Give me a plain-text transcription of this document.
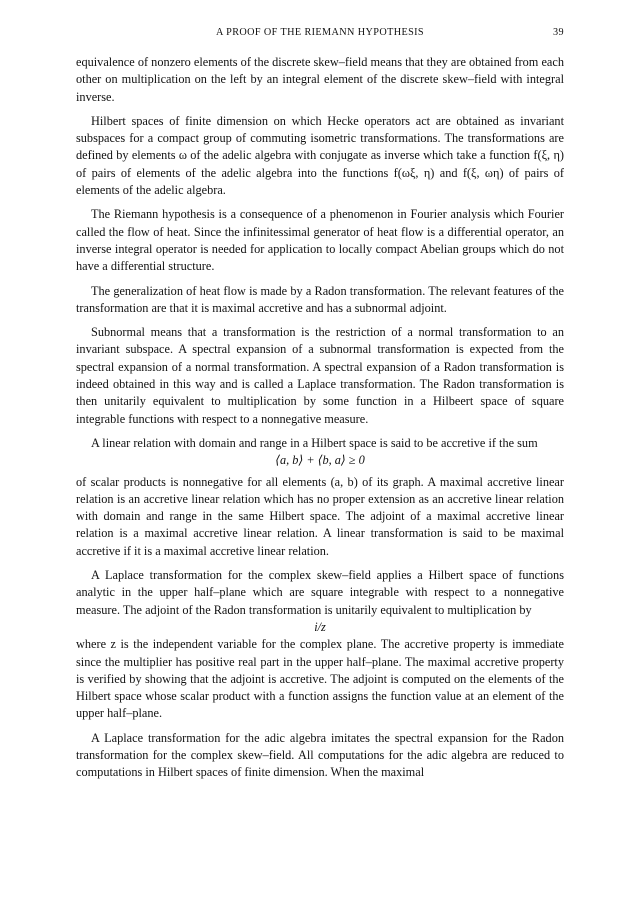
A PROOF OF THE RIEMANN HYPOTHESIS	39

equivalence of nonzero elements of the discrete skew–field means that they are obtained from each other on multiplication on the left by an integral element of the discrete skew–field with integral inverse.

Hilbert spaces of finite dimension on which Hecke operators act are obtained as invariant subspaces for a compact group of commuting isometric transformations. The transformations are defined by elements ω of the adelic algebra with conjugate as inverse which take a function f(ξ, η) of pairs of elements of the adelic algebra into the functions f(ωξ, η) and f(ξ, ωη) of pairs of elements of the adelic algebra.

The Riemann hypothesis is a consequence of a phenomenon in Fourier analysis which Fourier called the flow of heat. Since the infinitessimal generator of heat flow is a differential operator, an inverse integral operator is needed for application to locally compact Abelian groups which do not have a differential structure.

The generalization of heat flow is made by a Radon transformation. The relevant features of the transformation are that it is maximal accretive and has a subnormal adjoint.

Subnormal means that a transformation is the restriction of a normal transformation to an invariant subspace. A spectral expansion of a subnormal transformation is expected from the spectral expansion of a normal transformation. A spectral expansion of a Radon transformation is indeed obtained in this way and is called a Laplace transformation. The Radon transformation is then unitarily equivalent to multiplication by some function in a Hilbeert space of square integrable functions with respect to a nonnegative measure.

A linear relation with domain and range in a Hilbert space is said to be accretive if the sum

⟨a, b⟩ + ⟨b, a⟩ ≥ 0

of scalar products is nonnegative for all elements (a, b) of its graph. A maximal accretive linear relation is an accretive linear relation which has no proper extension as an accretive linear relation with domain and range in the same Hilbert space. The adjoint of a maximal accretive linear relation is a maximal accretive linear relation. A linear transformation is said to be maximal accretive if it is a maximal accretive linear relation.

A Laplace transformation for the complex skew–field applies a Hilbert space of functions analytic in the upper half–plane which are square integrable with respect to a nonnegative measure. The adjoint of the Radon transformation is unitarily equivalent to multiplication by

i/z

where z is the independent variable for the complex plane. The accretive property is immediate since the multiplier has positive real part in the upper half–plane. The maximal accretive property is verified by showing that the adjoint is accretive. The adjoint is computed on the elements of the Hilbert space whose scalar product with a function assigns the function value at an element of the upper half–plane.

A Laplace transformation for the adic algebra imitates the spectral expansion for the Radon transformation for the complex skew–field. All computations for the adic algebra are reduced to computations in Hilbert spaces of finite dimension. When the maximal
